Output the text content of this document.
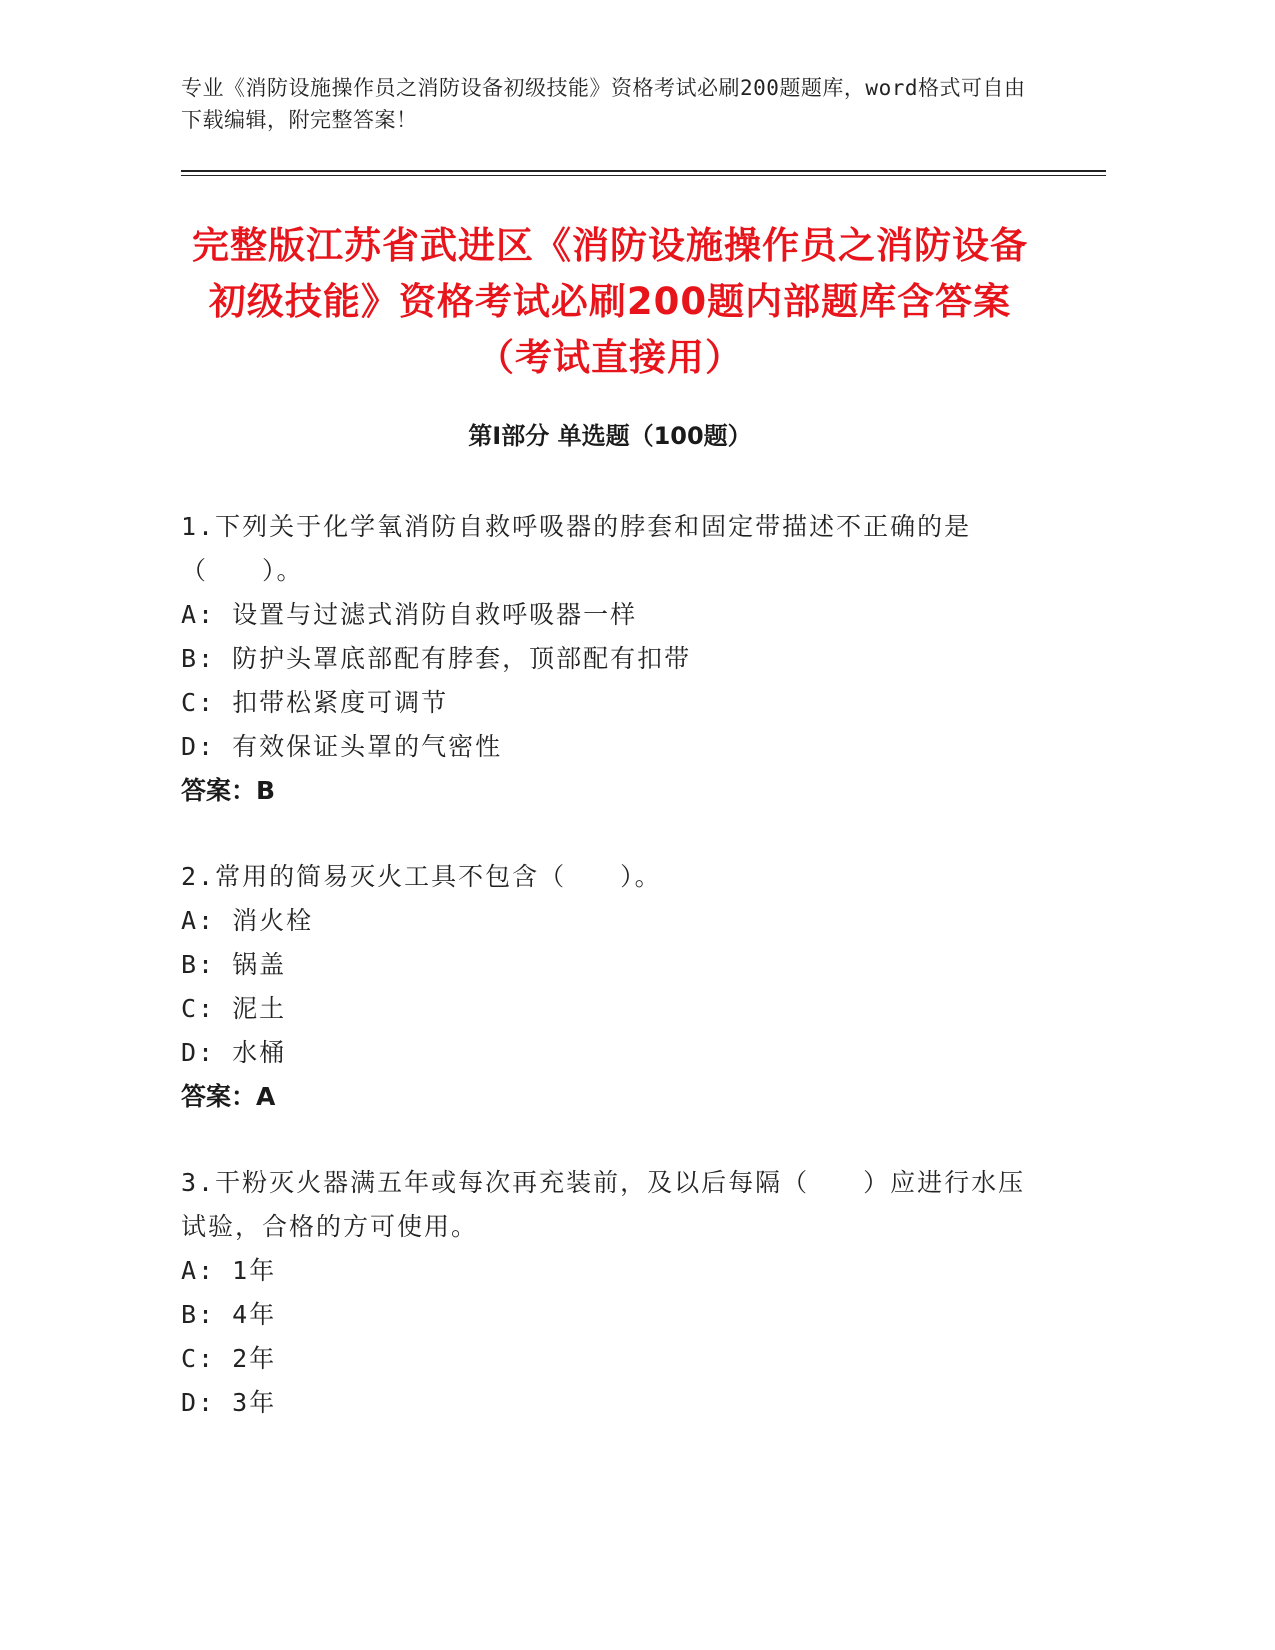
专业《消防设施操作员之消防设备初级技能》资格考试必刷200题题库，word格式可自由下载编辑，附完整答案！
完整版江苏省武进区《消防设施操作员之消防设备初级技能》资格考试必刷200题内部题库含答案（考试直接用）
第I部分 单选题（100题）
1.下列关于化学氧消防自救呼吸器的脖套和固定带描述不正确的是（　　）。
A: 设置与过滤式消防自救呼吸器一样
B: 防护头罩底部配有脖套，顶部配有扣带
C: 扣带松紧度可调节
D: 有效保证头罩的气密性
答案：B
2.常用的简易灭火工具不包含（　　）。
A: 消火栓
B: 锅盖
C: 泥土
D: 水桶
答案：A
3.干粉灭火器满五年或每次再充装前，及以后每隔（　　）应进行水压试验，合格的方可使用。
A: 1年
B: 4年
C: 2年
D: 3年
